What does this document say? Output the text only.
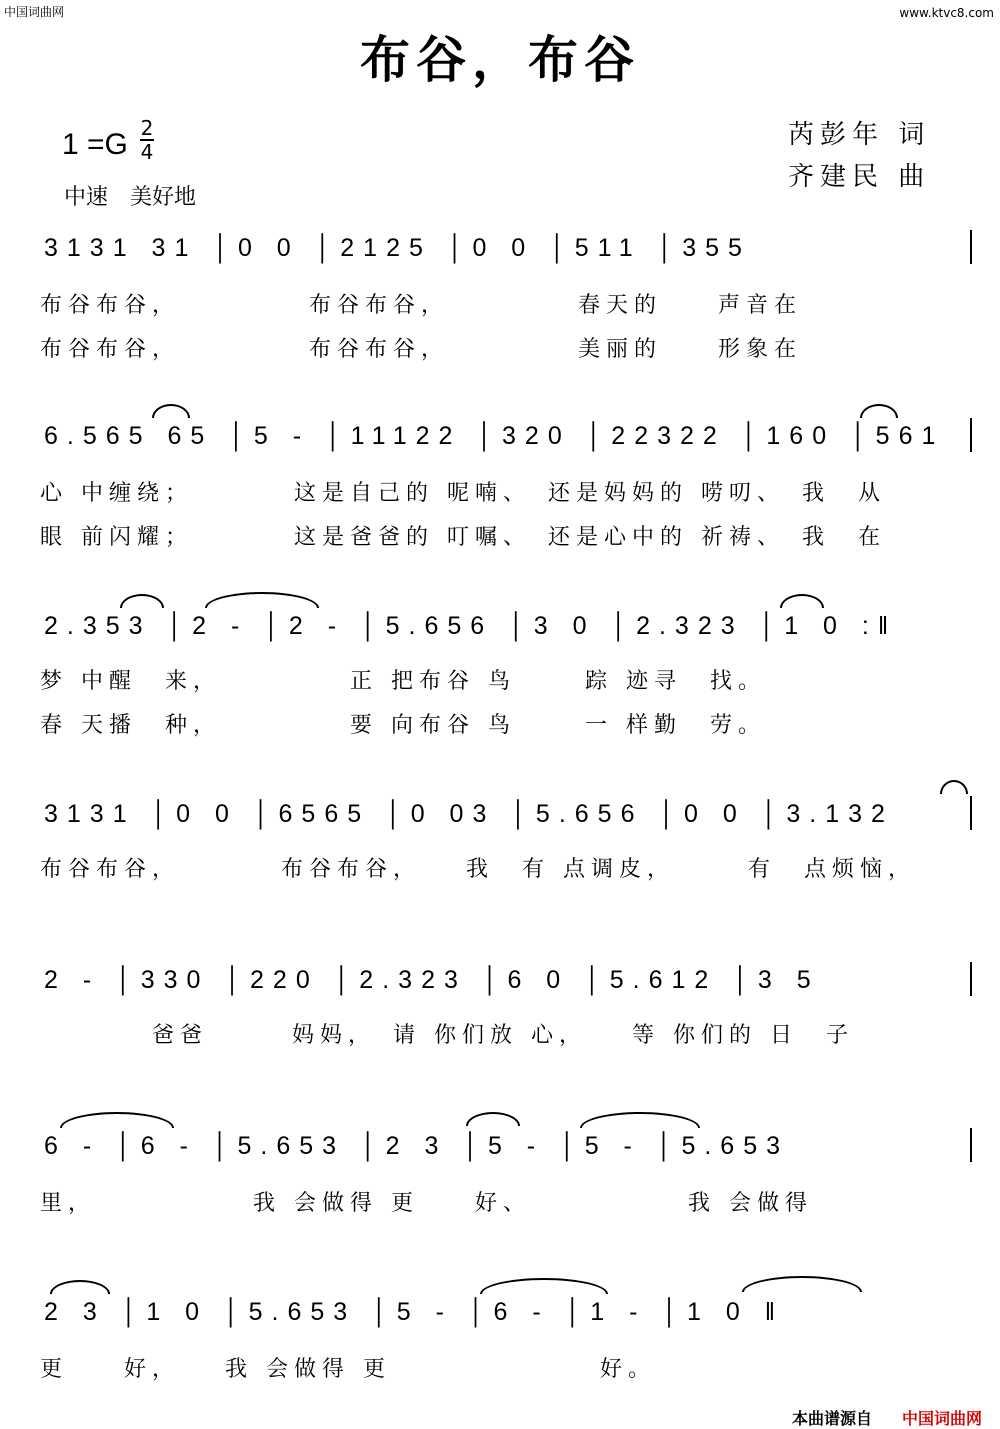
中国词曲网	www.ktvc8.com
布谷，布谷
1 =G 2
4
中速　美好地
芮彭年 词
齐建民 曲
3131 31 │0 0 │2125 │0 0 │511 │355
布谷布谷，　　　　　布谷布谷，　　　　　春天的　　声音在
布谷布谷，　　　　　布谷布谷，　　　　　美丽的　　形象在
6.565 65 │5 - │11122 │320 │22322 │160 │561
心 中缠绕；　　　　这是自己的 呢喃、　还是妈妈的 唠叨、　我　从
眼 前闪耀；　　　　这是爸爸的 叮嘱、　还是心中的 祈祷、　我　在
2.353 │2 - │2 - │5.656 │3 0 │2.323 │1 0 :‖
梦 中醒　来，　　　　　正 把布谷 鸟　　 踪 迹寻　找。
春 天播　种，　　　　　要 向布谷 鸟　　 一 样勤　劳。
3131 │0 0 │6565 │0 03 │5.656 │0 0 │3.132
布谷布谷，　　　　布谷布谷，　　我　有 点调皮，　　　有　点烦恼，
2 - │330 │220 │2.323 │6 0 │5.612 │3 5
　　　　爸爸　　　妈妈，　请 你们放 心，　　等 你们的 日　子
6 - │6 - │5.653 │2 3 │5 - │5 - │5.653
里，　　　　　　我 会做得 更　　好、　　　　　　我 会做得
2 3 │1 0 │5.653 │5 - │6 - │1 - │1 0 ‖
更　　好，　　我 会做得 更　　　　　　　 好。
本曲谱源自 中国词曲网
